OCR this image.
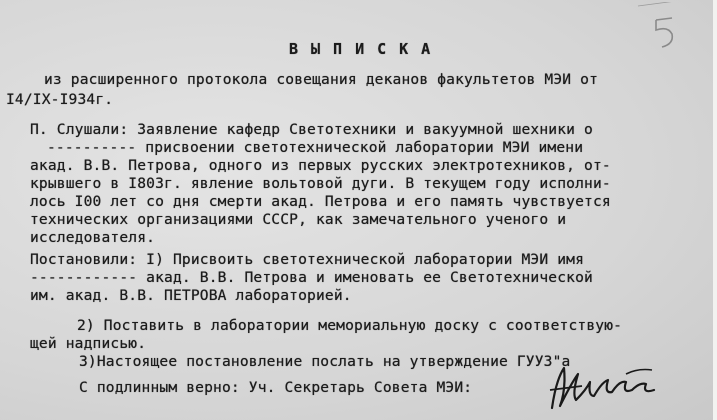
ВЫПИСКА
из расширенного протокола совещания деканов факультетов МЭИ от
I4/IX-I934г.
П. Слушали: Заявление кафедр Светотехники и вакуумной шехники о
---------- присвоении светотехнической лаборатории МЭИ имени
акад. В.В. Петрова, одного из первых русских электротехников, от-
крывшего в I803г. явление вольтовой дуги. В текущем году исполни-
лось I00 лет со дня смерти акад. Петрова и его память чувствуется
технических организациями СССР, как замечательного ученого и
исследователя.
Постановили: I) Присвоить светотехнической лаборатории МЭИ имя
------------ акад. В.В. Петрова и именовать ее Светотехнической
им. акад. В.В. ПЕТРОВА лабораторией.
2) Поставить в лаборатории мемориальную доску с соответствую-
щей надписью.
3)Настоящее постановление послать на утверждение ГУУЗ"а
С подлинным верно: Уч. Секретарь Совета МЭИ:
